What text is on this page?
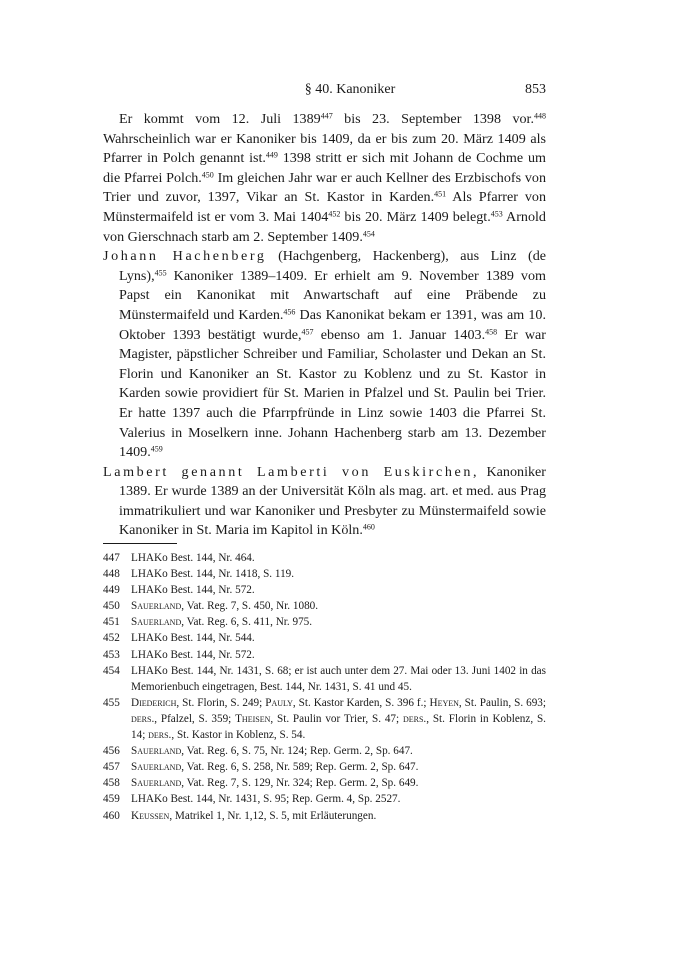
§ 40. Kanoniker	853

Er kommt vom 12. Juli 1389$^{447}$ bis 23. September 1398 vor.$^{448}$ Wahrscheinlich war er Kanoniker bis 1409, da er bis zum 20. März 1409 als Pfarrer in Polch genannt ist.$^{449}$ 1398 stritt er sich mit Johann de Cochme um die Pfarrei Polch.$^{450}$ Im gleichen Jahr war er auch Kellner des Erzbischofs von Trier und zuvor, 1397, Vikar an St. Kastor in Karden.$^{451}$ Als Pfarrer von Münstermaifeld ist er vom 3. Mai 1404$^{452}$ bis 20. März 1409 belegt.$^{453}$ Arnold von Gierschnach starb am 2. September 1409.$^{454}$

Johann Hachenberg (Hachgenberg, Hackenberg), aus Linz (de Lyns),$^{455}$ Kanoniker 1389–1409. Er erhielt am 9. November 1389 vom Papst ein Kanonikat mit Anwartschaft auf eine Präbende zu Münstermaifeld und Karden.$^{456}$ Das Kanonikat bekam er 1391, was am 10. Oktober 1393 bestätigt wurde,$^{457}$ ebenso am 1. Januar 1403.$^{458}$ Er war Magister, päpstlicher Schreiber und Familiar, Scholaster und Dekan an St. Florin und Kanoniker an St. Kastor zu Koblenz und zu St. Kastor in Karden sowie providiert für St. Marien in Pfalzel und St. Paulin bei Trier. Er hatte 1397 auch die Pfarrpfründe in Linz sowie 1403 die Pfarrei St. Valerius in Moselkern inne. Johann Hachenberg starb am 13. Dezember 1409.$^{459}$

Lambert genannt Lamberti von Euskirchen, Kanoniker 1389. Er wurde 1389 an der Universität Köln als mag. art. et med. aus Prag immatrikuliert und war Kanoniker und Presbyter zu Münstermaifeld sowie Kanoniker in St. Maria im Kapitol in Köln.$^{460}$

447 LHAKo Best. 144, Nr. 464.
448 LHAKo Best. 144, Nr. 1418, S. 119.
449 LHAKo Best. 144, Nr. 572.
450 Sauerland, Vat. Reg. 7, S. 450, Nr. 1080.
451 Sauerland, Vat. Reg. 6, S. 411, Nr. 975.
452 LHAKo Best. 144, Nr. 544.
453 LHAKo Best. 144, Nr. 572.
454 LHAKo Best. 144, Nr. 1431, S. 68; er ist auch unter dem 27. Mai oder 13. Juni 1402 in das Memorienbuch eingetragen, Best. 144, Nr. 1431, S. 41 und 45.
455 Diederich, St. Florin, S. 249; Pauly, St. Kastor Karden, S. 396 f.; Heyen, St. Paulin, S. 693; ders., Pfalzel, S. 359; Theisen, St. Paulin vor Trier, S. 47; ders., St. Florin in Koblenz, S. 14; ders., St. Kastor in Koblenz, S. 54.
456 Sauerland, Vat. Reg. 6, S. 75, Nr. 124; Rep. Germ. 2, Sp. 647.
457 Sauerland, Vat. Reg. 6, S. 258, Nr. 589; Rep. Germ. 2, Sp. 647.
458 Sauerland, Vat. Reg. 7, S. 129, Nr. 324; Rep. Germ. 2, Sp. 649.
459 LHAKo Best. 144, Nr. 1431, S. 95; Rep. Germ. 4, Sp. 2527.
460 Keussen, Matrikel 1, Nr. 1,12, S. 5, mit Erläuterungen.
